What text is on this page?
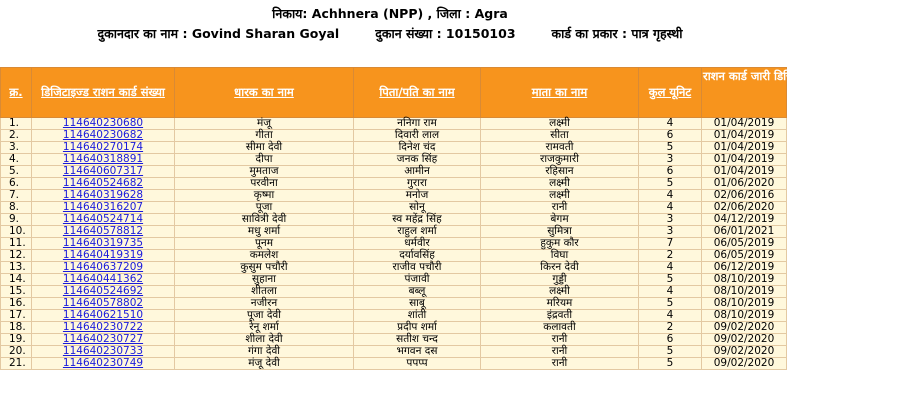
निकाय: Achhnera (NPP) , जिला : Agra
दुकानदार का नाम : Govind Sharan Goyal	दुकान संख्या : 10150103	कार्ड का प्रकार : पात्र गृहस्थी
क्र.	डिजिटाइज्ड राशन कार्ड संख्या	धारक का नाम	पिता/पति का नाम	माता का नाम	कुल यूनिट	राशन कार्ड जारी डिजिटल हस्ताक्षर ) करने की तिथि
1.	114640230680	मंजू	ननिगा राम	लक्ष्मी	4	01/04/2019
2.	114640230682	गीता	दिवारी लाल	सीता	6	01/04/2019
3.	114640270174	सीमा देवी	दिनेश चंद	रामवती	5	01/04/2019
4.	114640318891	दीपा	जनक सिंह	राजकुमारी	3	01/04/2019
5.	114640607317	मुमताज	आमीन	रहिसान	6	01/04/2019
6.	114640524682	परवीना	गुरारा	लक्ष्मी	5	01/06/2020
7.	114640319628	कृष्मा	मनोज	लक्ष्मी	4	02/06/2016
8.	114640316207	पूजा	सोनू	रानी	4	02/06/2020
9.	114640524714	सावित्री देवी	स्व महेंद्र सिंह	बेगम	3	04/12/2019
10.	114640578812	मधु शर्मा	राहुल शर्मा	सुमित्रा	3	06/01/2021
11.	114640319735	पूनम	धर्मवीर	हुकुम कौर	7	06/05/2019
12.	114640419319	कमलेश	दर्यावसिंह	विघा	2	06/05/2019
13.	114640637209	कुसुम पचौरी	राजीव पचौरी	किरन देवी	4	06/12/2019
14.	114640441362	सुहाना	पंजावी	गुड्डी	5	08/10/2019
15.	114640524692	शीतला	बब्लू	लक्ष्मी	4	08/10/2019
16.	114640578802	नजीरन	साबू	मरियम	5	08/10/2019
17.	114640621510	पूजा देवी	शांती	इंद्रवती	4	08/10/2019
18.	114640230722	रेनू शर्मा	प्रदीप शर्मा	कलावती	2	09/02/2020
19.	114640230727	शीला देवी	सतीश चन्द	रानी	6	09/02/2020
20.	114640230733	गंगा देवी	भगवन दस	रानी	5	09/02/2020
21.	114640230749	मंजू देवी	पपप्प	रानी	5	09/02/2020
